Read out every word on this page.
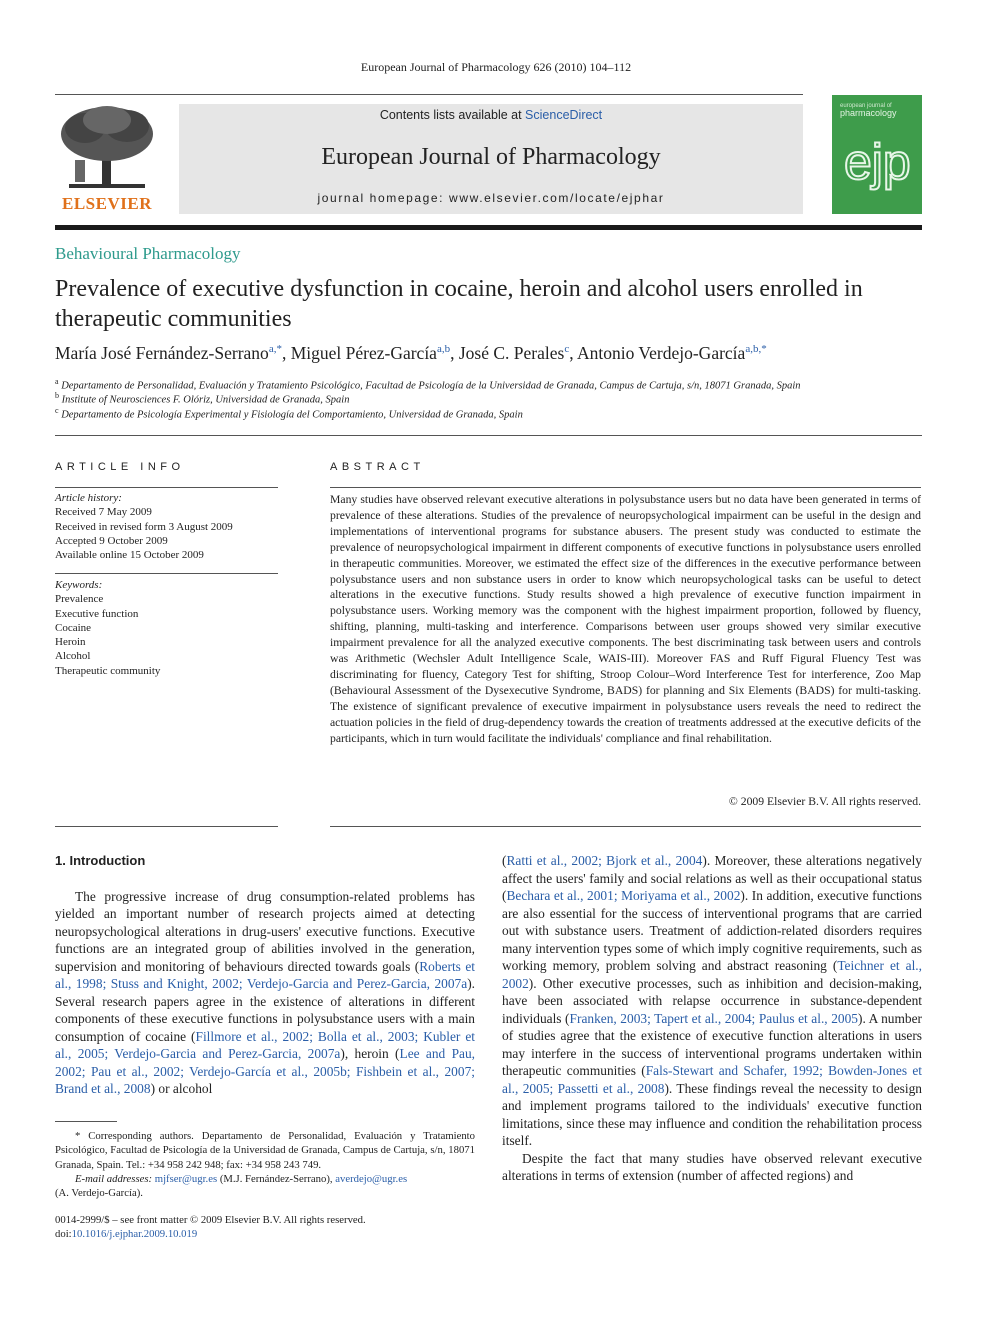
European Journal of Pharmacology 626 (2010) 104–112
ELSEVIER
Contents lists available at ScienceDirect
European Journal of Pharmacology
journal homepage: www.elsevier.com/locate/ejphar
european journal of
pharmacology
ejp
Behavioural Pharmacology
Prevalence of executive dysfunction in cocaine, heroin and alcohol users enrolled in therapeutic communities
María José Fernández-Serrano$^{a,*}$, Miguel Pérez-García$^{a,b}$, José C. Perales$^c$, Antonio Verdejo-García$^{a,b,*}$
$^a$ Departamento de Personalidad, Evaluación y Tratamiento Psicológico, Facultad de Psicología de la Universidad de Granada, Campus de Cartuja, s/n, 18071 Granada, Spain
$^b$ Institute of Neurosciences F. Olóriz, Universidad de Granada, Spain
$^c$ Departamento de Psicología Experimental y Fisiología del Comportamiento, Universidad de Granada, Spain
ARTICLE INFO	ABSTRACT
Article history:
Received 7 May 2009
Received in revised form 3 August 2009
Accepted 9 October 2009
Available online 15 October 2009
Keywords:
Prevalence
Executive function
Cocaine
Heroin
Alcohol
Therapeutic community
Many studies have observed relevant executive alterations in polysubstance users but no data have been generated in terms of prevalence of these alterations. Studies of the prevalence of neuropsychological impairment can be useful in the design and implementations of interventional programs for substance abusers. The present study was conducted to estimate the prevalence of neuropsychological impairment in different components of executive functions in polysubstance users enrolled in therapeutic communities. Moreover, we estimated the effect size of the differences in the executive performance between polysubstance users and non substance users in order to know which neuropsychological tasks can be useful to detect alterations in the executive functions. Study results showed a high prevalence of executive function impairment in polysubstance users. Working memory was the component with the highest impairment proportion, followed by fluency, shifting, planning, multi-tasking and interference. Comparisons between user groups showed very similar executive impairment prevalence for all the analyzed executive components. The best discriminating task between users and controls was Arithmetic (Wechsler Adult Intelligence Scale, WAIS-III). Moreover FAS and Ruff Figural Fluency Test was discriminating for fluency, Category Test for shifting, Stroop Colour–Word Interference Test for interference, Zoo Map (Behavioural Assessment of the Dysexecutive Syndrome, BADS) for planning and Six Elements (BADS) for multi-tasking. The existence of significant prevalence of executive impairment in polysubstance users reveals the need to redirect the actuation policies in the field of drug-dependency towards the creation of treatments addressed at the executive deficits of the participants, which in turn would facilitate the individuals' compliance and final rehabilitation.
© 2009 Elsevier B.V. All rights reserved.

1. Introduction

The progressive increase of drug consumption-related problems has yielded an important number of research projects aimed at detecting neuropsychological alterations in drug-users' executive functions. Executive functions are an integrated group of abilities involved in the generation, supervision and monitoring of behaviours directed towards goals (Roberts et al., 1998; Stuss and Knight, 2002; Verdejo-Garcia and Perez-Garcia, 2007a). Several research papers agree in the existence of alterations in different components of these executive functions in polysubstance users with a main consumption of cocaine (Fillmore et al., 2002; Bolla et al., 2003; Kubler et al., 2005; Verdejo-Garcia and Perez-Garcia, 2007a), heroin (Lee and Pau, 2002; Pau et al., 2002; Verdejo-García et al., 2005b; Fishbein et al., 2007; Brand et al., 2008) or alcohol

(Ratti et al., 2002; Bjork et al., 2004). Moreover, these alterations negatively affect the users' family and social relations as well as their occupational status (Bechara et al., 2001; Moriyama et al., 2002). In addition, executive functions are also essential for the success of interventional programs that are carried out with substance users. Treatment of addiction-related disorders requires many intervention types some of which imply cognitive requirements, such as working memory, problem solving and abstract reasoning (Teichner et al., 2002). Other executive processes, such as inhibition and decision-making, have been associated with relapse occurrence in substance-dependent individuals (Franken, 2003; Tapert et al., 2004; Paulus et al., 2005). A number of studies agree that the existence of executive function alterations in users may interfere in the success of interventional programs undertaken within therapeutic communities (Fals-Stewart and Schafer, 1992; Bowden-Jones et al., 2005; Passetti et al., 2008). These findings reveal the necessity to design and implement programs tailored to the individuals' executive function limitations, since these may influence and condition the rehabilitation process itself.

Despite the fact that many studies have observed relevant executive alterations in terms of extension (number of affected regions) and

* Corresponding authors. Departamento de Personalidad, Evaluación y Tratamiento Psicológico, Facultad de Psicología de la Universidad de Granada, Campus de Cartuja, s/n, 18071 Granada, Spain. Tel.: +34 958 242 948; fax: +34 958 243 749.

E-mail addresses: mjfser@ugr.es (M.J. Fernández-Serrano), averdejo@ugr.es

(A. Verdejo-García).

0014-2999/$ – see front matter © 2009 Elsevier B.V. All rights reserved.

doi:10.1016/j.ejphar.2009.10.019
